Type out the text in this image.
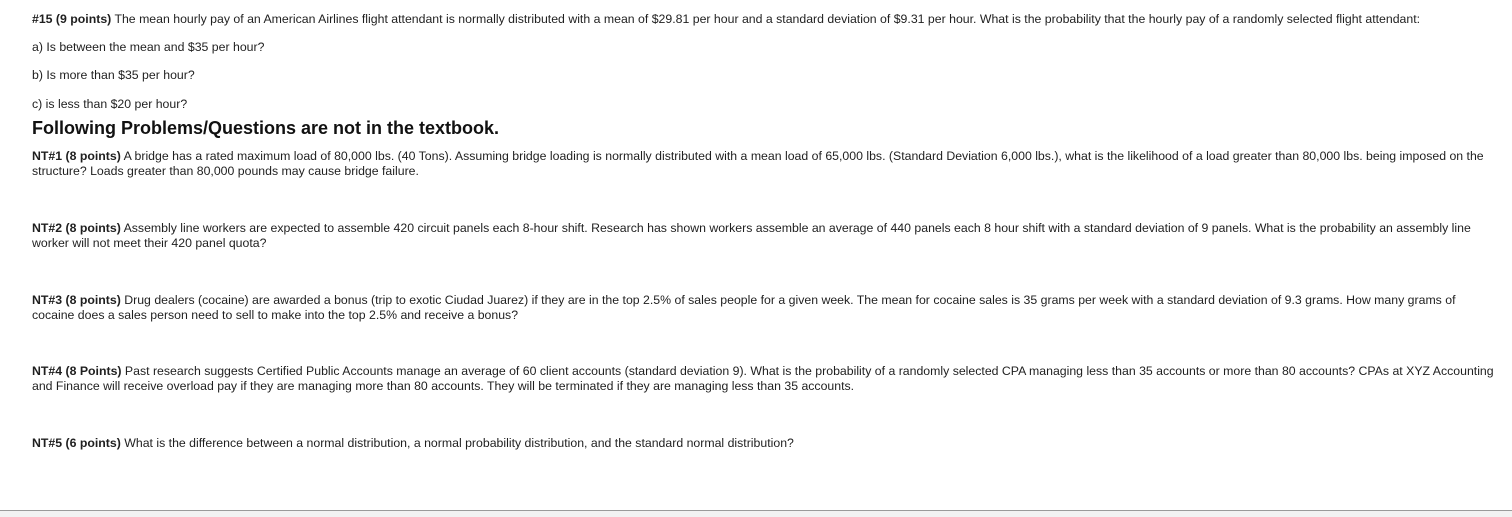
#15 (9 points) The mean hourly pay of an American Airlines flight attendant is normally distributed with a mean of $29.81 per hour and a standard deviation of $9.31 per hour. What is the probability that the hourly pay of a randomly selected flight attendant:

a) Is between the mean and $35 per hour?

b) Is more than $35 per hour?

c) is less than $20 per hour?

Following Problems/Questions are not in the textbook.

NT#1 (8 points) A bridge has a rated maximum load of 80,000 lbs. (40 Tons). Assuming bridge loading is normally distributed with a mean load of 65,000 lbs. (Standard Deviation 6,000 lbs.), what is the likelihood of a load greater than 80,000 lbs. being imposed on the structure? Loads greater than 80,000 pounds may cause bridge failure.

NT#2 (8 points) Assembly line workers are expected to assemble 420 circuit panels each 8-hour shift. Research has shown workers assemble an average of 440 panels each 8 hour shift with a standard deviation of 9 panels. What is the probability an assembly line worker will not meet their 420 panel quota?

NT#3 (8 points) Drug dealers (cocaine) are awarded a bonus (trip to exotic Ciudad Juarez) if they are in the top 2.5% of sales people for a given week. The mean for cocaine sales is 35 grams per week with a standard deviation of 9.3 grams. How many grams of cocaine does a sales person need to sell to make into the top 2.5% and receive a bonus?

NT#4 (8 Points) Past research suggests Certified Public Accounts manage an average of 60 client accounts (standard deviation 9). What is the probability of a randomly selected CPA managing less than 35 accounts or more than 80 accounts? CPAs at XYZ Accounting and Finance will receive overload pay if they are managing more than 80 accounts. They will be terminated if they are managing less than 35 accounts.

NT#5 (6 points) What is the difference between a normal distribution, a normal probability distribution, and the standard normal distribution?
